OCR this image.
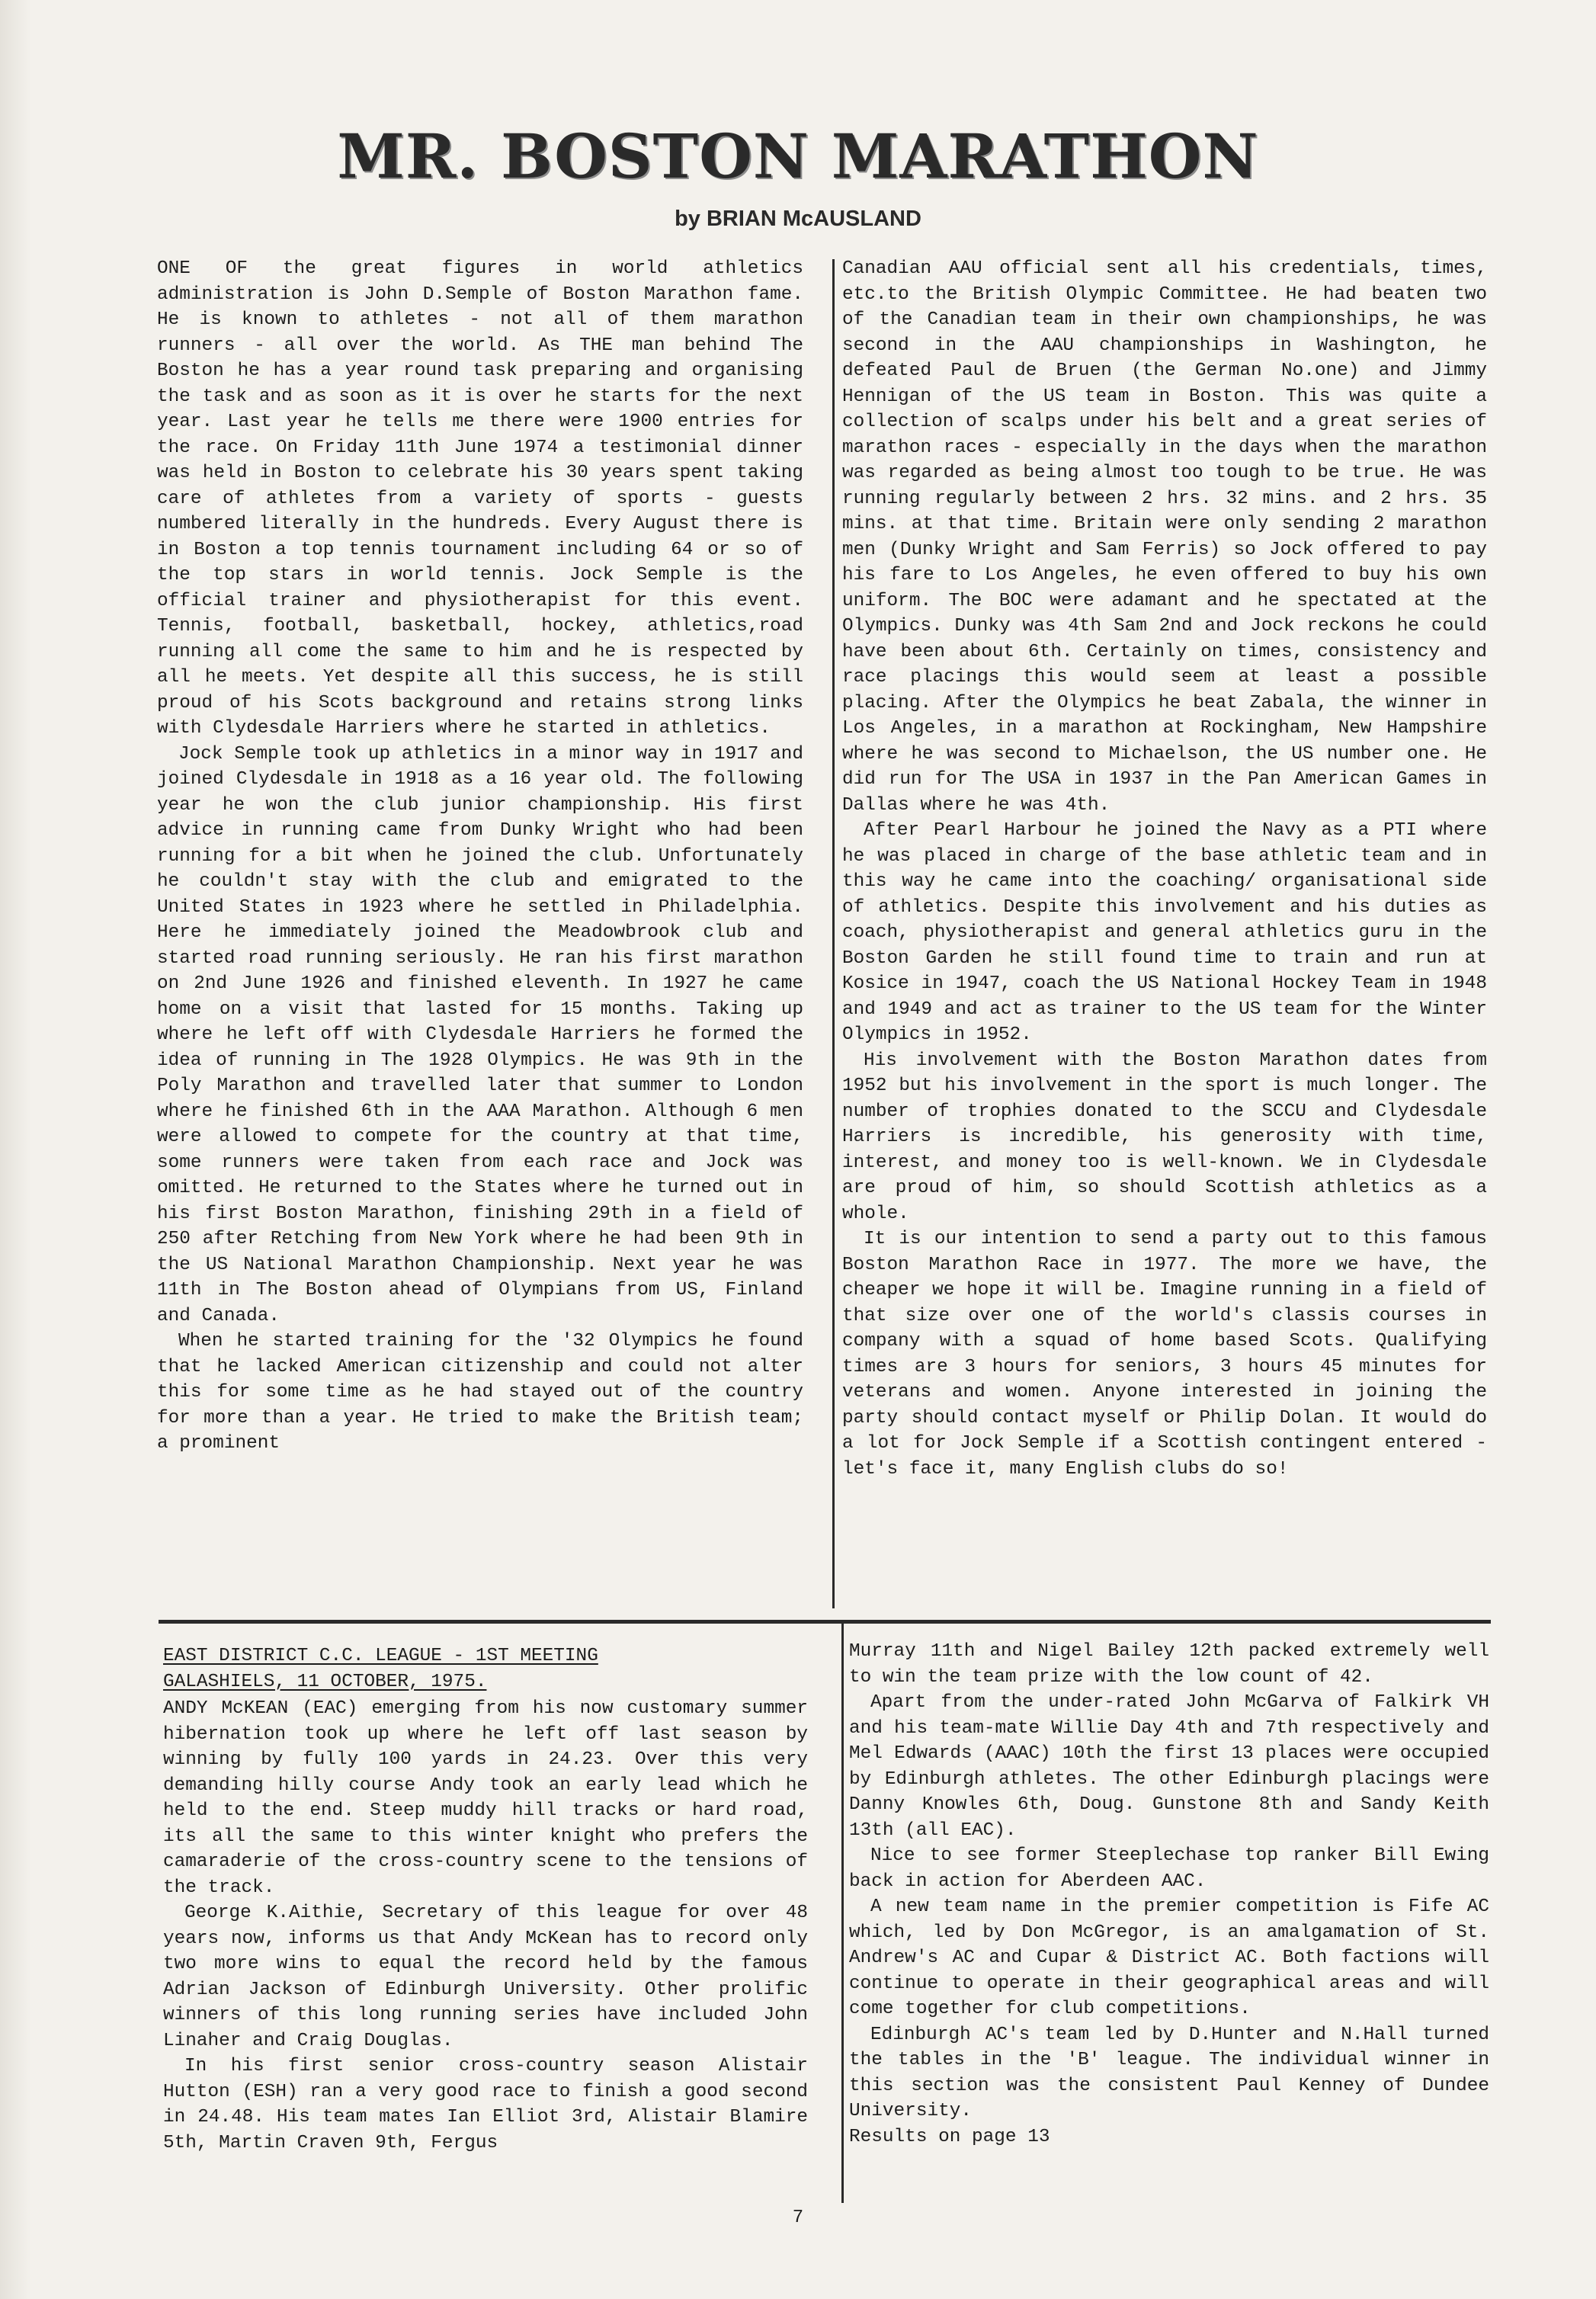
MR. BOSTON MARATHON
by BRIAN McAUSLAND

ONE OF the great figures in world athletics administration is John D.Semple of Boston Marathon fame. He is known to athletes - not all of them marathon runners - all over the world. As THE man behind The Boston he has a year round task preparing and organising the task and as soon as it is over he starts for the next year. Last year he tells me there were 1900 entries for the race. On Friday 11th June 1974 a testimonial dinner was held in Boston to celebrate his 30 years spent taking care of athletes from a variety of sports - guests numbered literally in the hundreds. Every August there is in Boston a top tennis tournament including 64 or so of the top stars in world tennis. Jock Semple is the official trainer and physiotherapist for this event. Tennis, football, basketball, hockey, athletics,road running all come the same to him and he is respected by all he meets. Yet despite all this success, he is still proud of his Scots background and retains strong links with Clydesdale Harriers where he started in athletics.

Jock Semple took up athletics in a minor way in 1917 and joined Clydesdale in 1918 as a 16 year old. The following year he won the club junior championship. His first advice in running came from Dunky Wright who had been running for a bit when he joined the club. Unfortunately he couldn't stay with the club and emigrated to the United States in 1923 where he settled in Philadelphia. Here he immediately joined the Meadowbrook club and started road running seriously. He ran his first marathon on 2nd June 1926 and finished eleventh. In 1927 he came home on a visit that lasted for 15 months. Taking up where he left off with Clydesdale Harriers he formed the idea of running in The 1928 Olympics. He was 9th in the Poly Marathon and travelled later that summer to London where he finished 6th in the AAA Marathon. Although 6 men were allowed to compete for the country at that time, some runners were taken from each race and Jock was omitted. He returned to the States where he turned out in his first Boston Marathon, finishing 29th in a field of 250 after Retching from New York where he had been 9th in the US National Marathon Championship. Next year he was 11th in The Boston ahead of Olympians from US, Finland and Canada.

When he started training for the '32 Olympics he found that he lacked American citizenship and could not alter this for some time as he had stayed out of the country for more than a year. He tried to make the British team; a prominent

Canadian AAU official sent all his credentials, times, etc.to the British Olympic Committee. He had beaten two of the Canadian team in their own championships, he was second in the AAU championships in Washington, he defeated Paul de Bruen (the German No.one) and Jimmy Hennigan of the US team in Boston. This was quite a collection of scalps under his belt and a great series of marathon races - especially in the days when the marathon was regarded as being almost too tough to be true. He was running regularly between 2 hrs. 32 mins. and 2 hrs. 35 mins. at that time. Britain were only sending 2 marathon men (Dunky Wright and Sam Ferris) so Jock offered to pay his fare to Los Angeles, he even offered to buy his own uniform. The BOC were adamant and he spectated at the Olympics. Dunky was 4th Sam 2nd and Jock reckons he could have been about 6th. Certainly on times, consistency and race placings this would seem at least a possible placing. After the Olympics he beat Zabala, the winner in Los Angeles, in a marathon at Rockingham, New Hampshire where he was second to Michaelson, the US number one. He did run for The USA in 1937 in the Pan American Games in Dallas where he was 4th.

After Pearl Harbour he joined the Navy as a PTI where he was placed in charge of the base athletic team and in this way he came into the coaching/ organisational side of athletics. Despite this involvement and his duties as coach, physiotherapist and general athletics guru in the Boston Garden he still found time to train and run at Kosice in 1947, coach the US National Hockey Team in 1948 and 1949 and act as trainer to the US team for the Winter Olympics in 1952.

His involvement with the Boston Marathon dates from 1952 but his involvement in the sport is much longer. The number of trophies donated to the SCCU and Clydesdale Harriers is incredible, his generosity with time, interest, and money too is well-known. We in Clydesdale are proud of him, so should Scottish athletics as a whole.

It is our intention to send a party out to this famous Boston Marathon Race in 1977. The more we have, the cheaper we hope it will be. Imagine running in a field of that size over one of the world's classis courses in company with a squad of home based Scots. Qualifying times are 3 hours for seniors, 3 hours 45 minutes for veterans and women. Anyone interested in joining the party should contact myself or Philip Dolan. It would do a lot for Jock Semple if a Scottish contingent entered - let's face it, many English clubs do so!

EAST DISTRICT C.C. LEAGUE - 1ST MEETING

GALASHIELS, 11 OCTOBER, 1975.

ANDY McKEAN (EAC) emerging from his now customary summer hibernation took up where he left off last season by winning by fully 100 yards in 24.23. Over this very demanding hilly course Andy took an early lead which he held to the end. Steep muddy hill tracks or hard road, its all the same to this winter knight who prefers the camaraderie of the cross-country scene to the tensions of the track.

George K.Aithie, Secretary of this league for over 48 years now, informs us that Andy McKean has to record only two more wins to equal the record held by the famous Adrian Jackson of Edinburgh University. Other prolific winners of this long running series have included John Linaher and Craig Douglas.

In his first senior cross-country season Alistair Hutton (ESH) ran a very good race to finish a good second in 24.48. His team mates Ian Elliot 3rd, Alistair Blamire 5th, Martin Craven 9th, Fergus

Murray 11th and Nigel Bailey 12th packed extremely well to win the team prize with the low count of 42.

Apart from the under-rated John McGarva of Falkirk VH and his team-mate Willie Day 4th and 7th respectively and Mel Edwards (AAAC) 10th the first 13 places were occupied by Edinburgh athletes. The other Edinburgh placings were Danny Knowles 6th, Doug. Gunstone 8th and Sandy Keith 13th (all EAC).

Nice to see former Steeplechase top ranker Bill Ewing back in action for Aberdeen AAC.

A new team name in the premier competition is Fife AC which, led by Don McGregor, is an amalgamation of St. Andrew's AC and Cupar & District AC. Both factions will continue to operate in their geographical areas and will come together for club competitions.

Edinburgh AC's team led by D.Hunter and N.Hall turned the tables in the 'B' league. The individual winner in this section was the consistent Paul Kenney of Dundee University.

Results on page 13

7
